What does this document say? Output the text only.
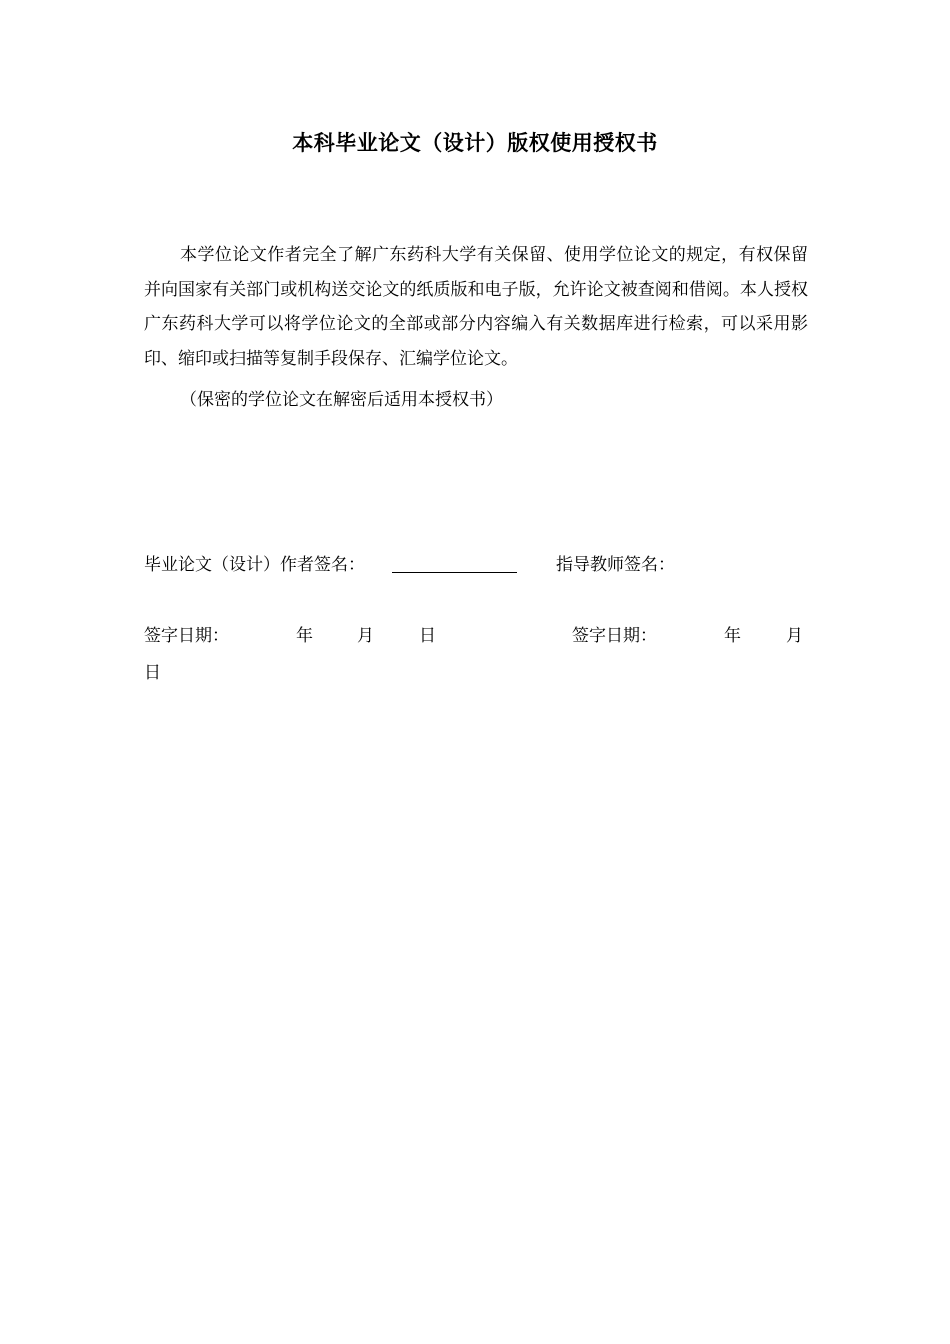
本科毕业论文（设计）版权使用授权书

本学位论文作者完全了解广东药科大学有关保留、使用学位论文的规定，有权保留并向国家有关部门或机构送交论文的纸质版和电子版，允许论文被查阅和借阅。本人授权广东药科大学可以将学位论文的全部或部分内容编入有关数据库进行检索，可以采用影印、缩印或扫描等复制手段保存、汇编学位论文。

（保密的学位论文在解密后适用本授权书）
毕业论文（设计）作者签名：	指导教师签名：
签字日期：	年	月	日	签字日期：	年	月
日
